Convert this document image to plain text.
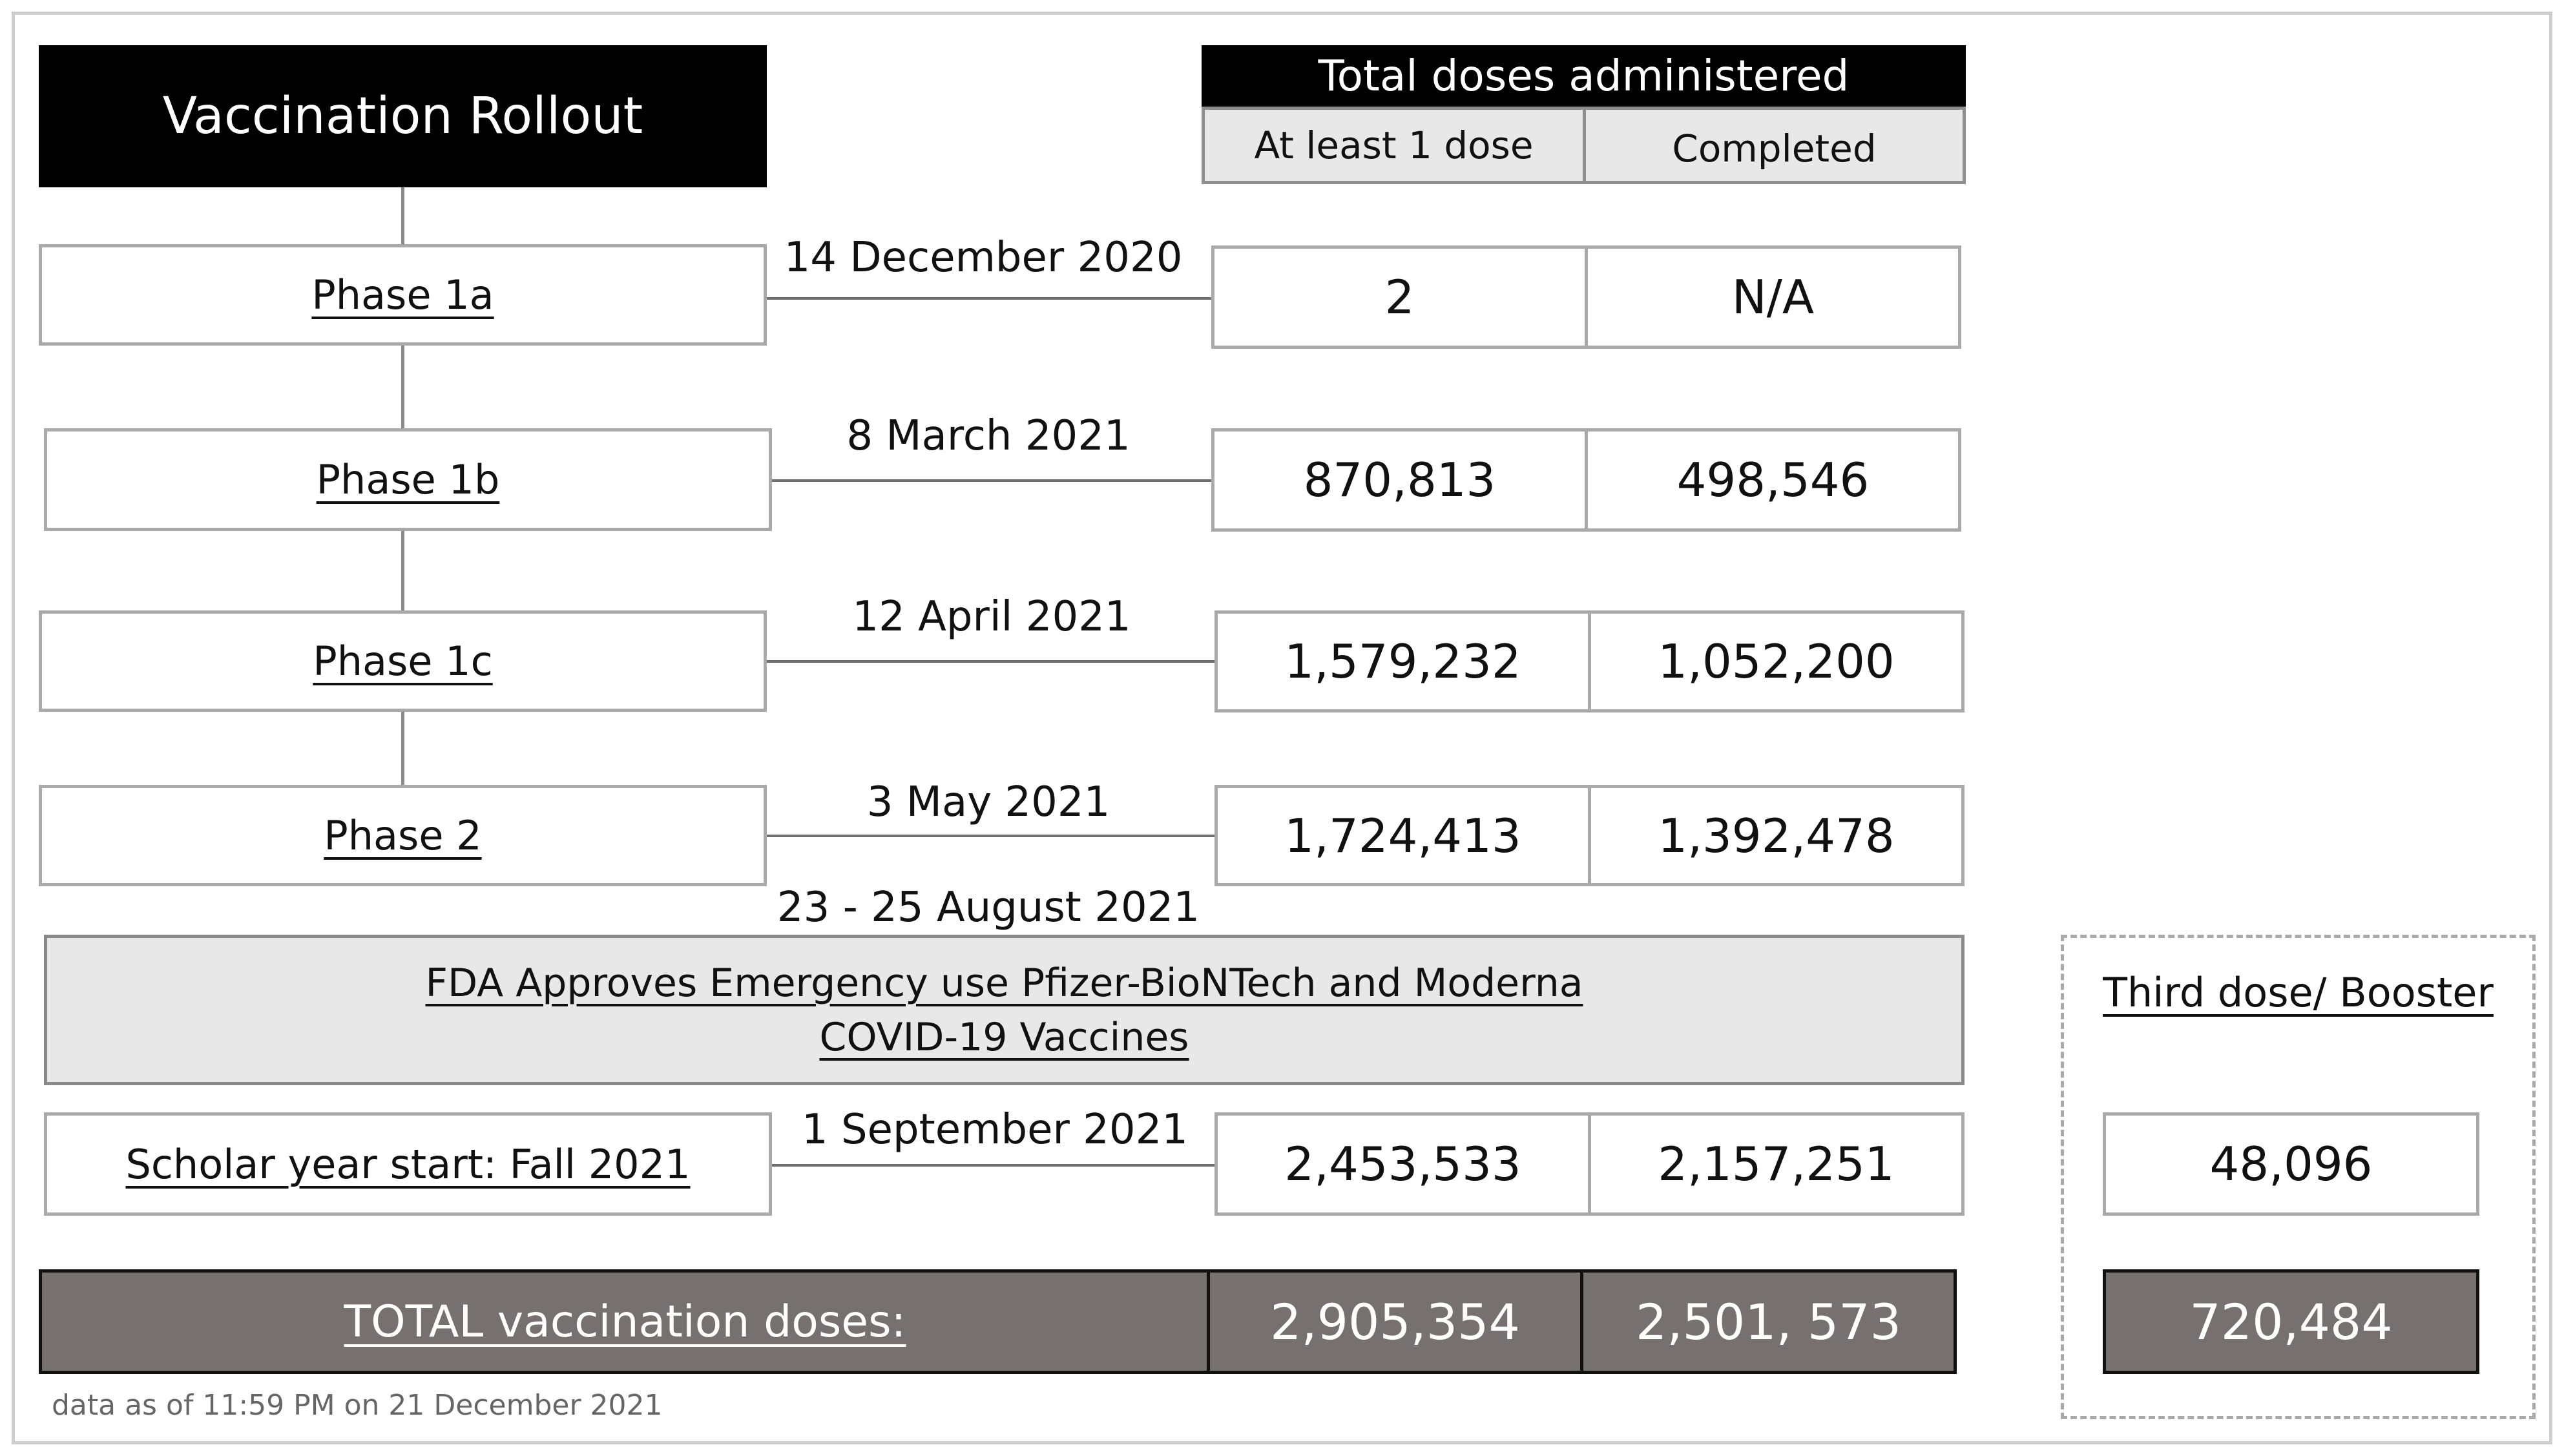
Vaccination Rollout
Total doses administered
At least 1 dose	Completed
Phase 1a
14 December 2020
2	N/A
Phase 1b
8 March 2021
870,813	498,546
Phase 1c
12 April 2021
1,579,232	1,052,200
Phase 2
3 May 2021
1,724,413	1,392,478
23 - 25 August 2021
FDA Approves Emergency use Pfizer-BioNTech and Moderna
COVID-19 Vaccines
Scholar year start: Fall 2021
1 September 2021
2,453,533	2,157,251
Third dose/ Booster
48,096
720,484
TOTAL vaccination doses:	2,905,354	2,501, 573
data as of 11:59 PM on 21 December 2021
